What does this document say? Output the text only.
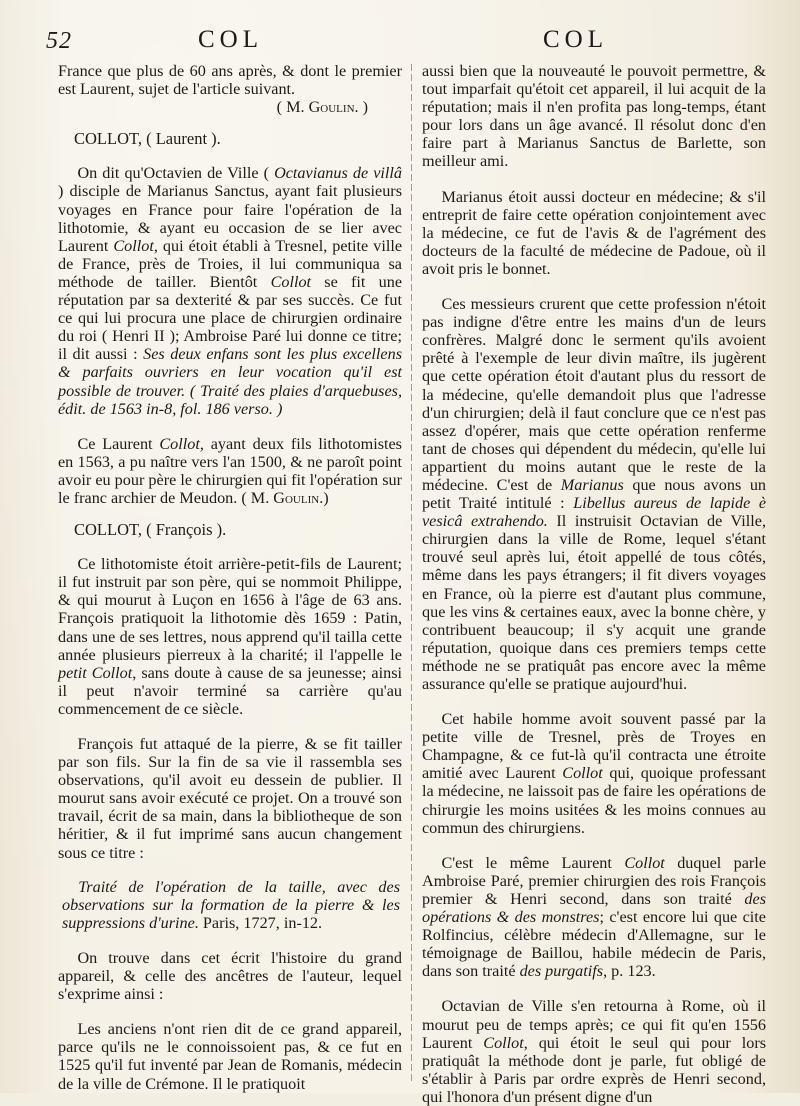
52	COL	COL

France que plus de 60 ans après, & dont le premier est Laurent, sujet de l'article suivant.

( M. Goulin. )

COLLOT, ( Laurent ).

On dit qu'Octavien de Ville ( Octavianus de villâ ) disciple de Marianus Sanctus, ayant fait plusieurs voyages en France pour faire l'opération de la lithotomie, & ayant eu occasion de se lier avec Laurent Collot, qui étoit établi à Tresnel, petite ville de France, près de Troies, il lui communiqua sa méthode de tailler. Bientôt Collot se fit une réputation par sa dexterité & par ses succès. Ce fut ce qui lui procura une place de chirurgien ordinaire du roi ( Henri II ); Ambroise Paré lui donne ce titre; il dit aussi : Ses deux enfans sont les plus excellens & parfaits ouvriers en leur vocation qu'il est possible de trouver. ( Traité des plaies d'arquebuses, édit. de 1563 in-8, fol. 186 verso. )

Ce Laurent Collot, ayant deux fils lithotomistes en 1563, a pu naître vers l'an 1500, & ne paroît point avoir eu pour père le chirurgien qui fit l'opération sur le franc archier de Meudon. ( M. Goulin.)

COLLOT, ( François ).

Ce lithotomiste étoit arrière-petit-fils de Laurent; il fut instruit par son père, qui se nommoit Philippe, & qui mourut à Luçon en 1656 à l'âge de 63 ans. François pratiquoit la lithotomie dès 1659 : Patin, dans une de ses lettres, nous apprend qu'il tailla cette année plusieurs pierreux à la charité; il l'appelle le petit Collot, sans doute à cause de sa jeunesse; ainsi il peut n'avoir terminé sa carrière qu'au commencement de ce siècle.

François fut attaqué de la pierre, & se fit tailler par son fils. Sur la fin de sa vie il rassembla ses observations, qu'il avoit eu dessein de publier. Il mourut sans avoir exécuté ce projet. On a trouvé son travail, écrit de sa main, dans la bibliotheque de son héritier, & il fut imprimé sans aucun changement sous ce titre :

Traité de l'opération de la taille, avec des observations sur la formation de la pierre & les suppressions d'urine. Paris, 1727, in-12.

On trouve dans cet écrit l'histoire du grand appareil, & celle des ancêtres de l'auteur, lequel s'exprime ainsi :

Les anciens n'ont rien dit de ce grand appareil, parce qu'ils ne le connoissoient pas, & ce fut en 1525 qu'il fut inventé par Jean de Romanis, médecin de la ville de Crémone. Il le pratiquoit

aussi bien que la nouveauté le pouvoit permettre, & tout imparfait qu'étoit cet appareil, il lui acquit de la réputation; mais il n'en profita pas long-temps, étant pour lors dans un âge avancé. Il résolut donc d'en faire part à Marianus Sanctus de Barlette, son meilleur ami.

Marianus étoit aussi docteur en médecine; & s'il entreprit de faire cette opération conjointement avec la médecine, ce fut de l'avis & de l'agrément des docteurs de la faculté de médecine de Padoue, où il avoit pris le bonnet.

Ces messieurs crurent que cette profession n'étoit pas indigne d'être entre les mains d'un de leurs confrères. Malgré donc le serment qu'ils avoient prêté à l'exemple de leur divin maître, ils jugèrent que cette opération étoit d'autant plus du ressort de la médecine, qu'elle demandoit plus que l'adresse d'un chirurgien; delà il faut conclure que ce n'est pas assez d'opérer, mais que cette opération renferme tant de choses qui dépendent du médecin, qu'elle lui appartient du moins autant que le reste de la médecine. C'est de Marianus que nous avons un petit Traité intitulé : Libellus aureus de lapide è vesicâ extrahendo. Il instruisit Octavian de Ville, chirurgien dans la ville de Rome, lequel s'étant trouvé seul après lui, étoit appellé de tous côtés, même dans les pays étrangers; il fit divers voyages en France, où la pierre est d'autant plus commune, que les vins & certaines eaux, avec la bonne chère, y contribuent beaucoup; il s'y acquit une grande réputation, quoique dans ces premiers temps cette méthode ne se pratiquât pas encore avec la même assurance qu'elle se pratique aujourd'hui.

Cet habile homme avoit souvent passé par la petite ville de Tresnel, près de Troyes en Champagne, & ce fut-là qu'il contracta une étroite amitié avec Laurent Collot qui, quoique professant la médecine, ne laissoit pas de faire les opérations de chirurgie les moins usitées & les moins connues au commun des chirurgiens.

C'est le même Laurent Collot duquel parle Ambroise Paré, premier chirurgien des rois François premier & Henri second, dans son traité des opérations & des monstres; c'est encore lui que cite Rolfincius, célèbre médecin d'Allemagne, sur le témoignage de Baillou, habile médecin de Paris, dans son traité des purgatifs, p. 123.

Octavian de Ville s'en retourna à Rome, où il mourut peu de temps après; ce qui fit qu'en 1556 Laurent Collot, qui étoit le seul qui pour lors pratiquât la méthode dont je parle, fut obligé de s'établir à Paris par ordre exprès de Henri second, qui l'honora d'un présent digne d'un
